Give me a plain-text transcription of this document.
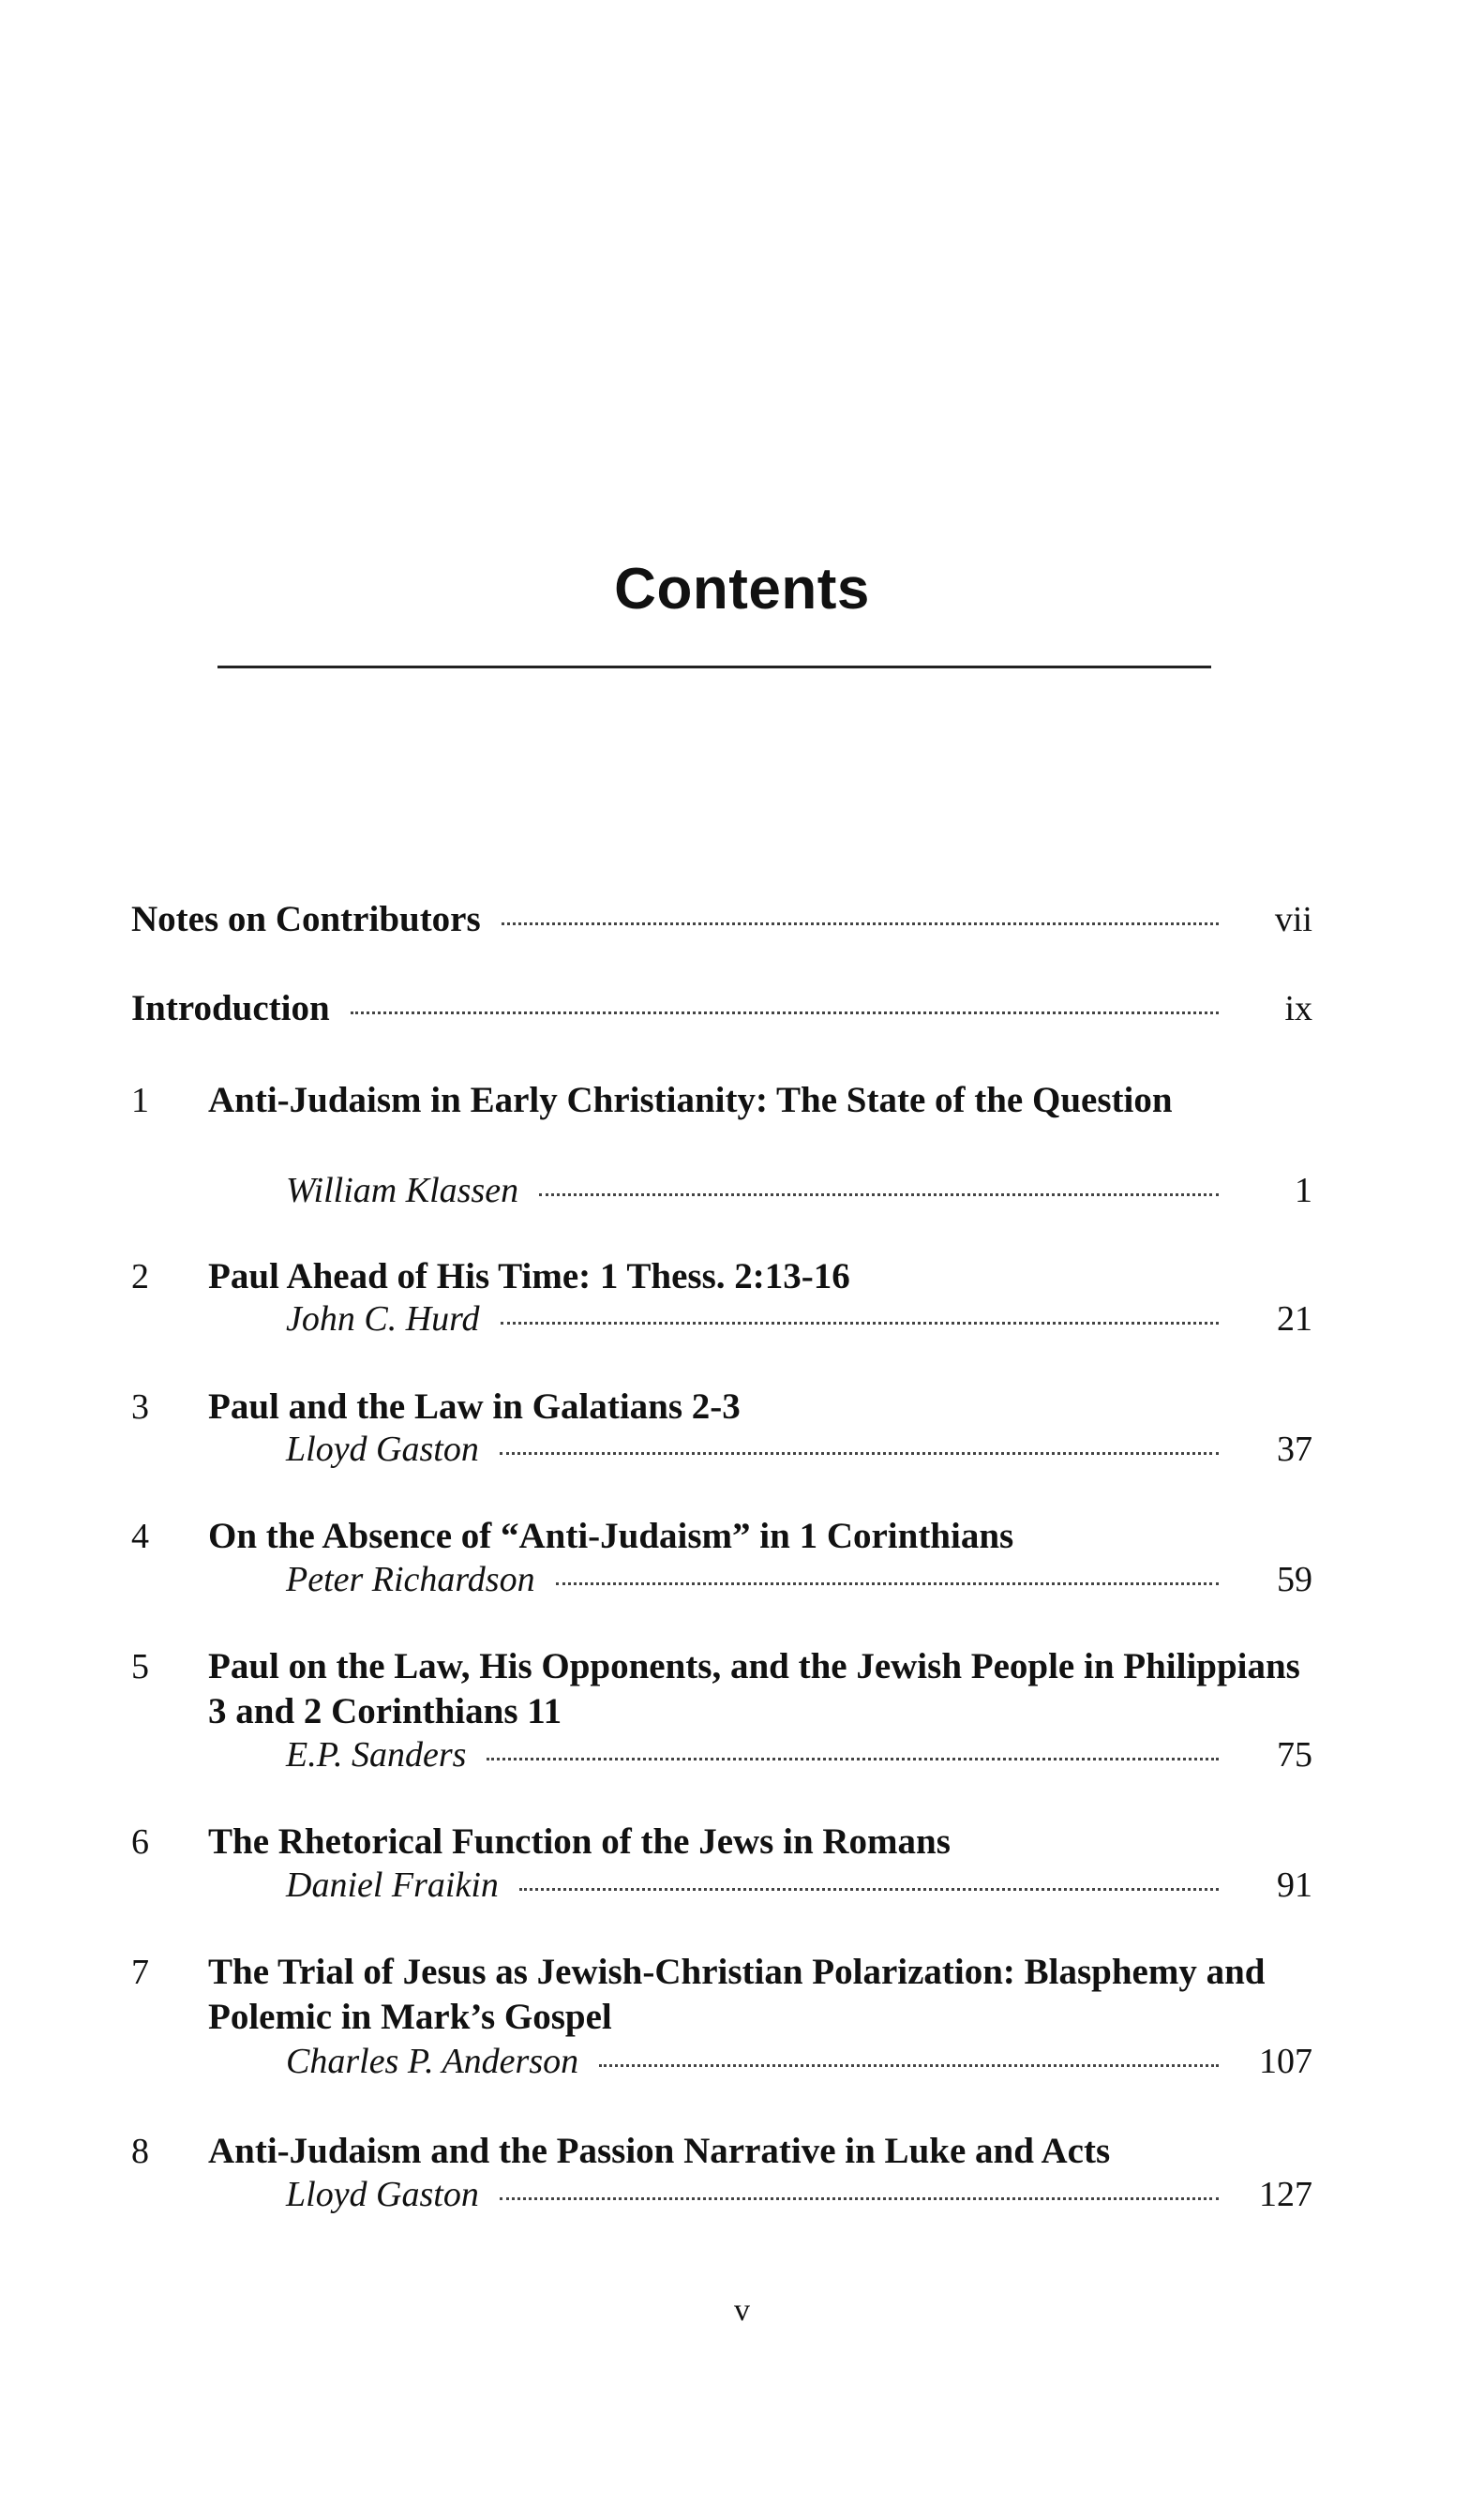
Contents
Notes on Contributors	vii
Introduction	ix
1	Anti-Judaism in Early Christianity: The State of the Question
William Klassen	1
2	Paul Ahead of His Time: 1 Thess. 2:13-16
John C. Hurd	21
3	Paul and the Law in Galatians 2-3
Lloyd Gaston	37
4	On the Absence of “Anti-Judaism” in 1 Corinthians
Peter Richardson	59
5	Paul on the Law, His Opponents, and the Jewish People in Philippians 3 and 2 Corinthians 11
E.P. Sanders	75
6	The Rhetorical Function of the Jews in Romans
Daniel Fraikin	91
7	The Trial of Jesus as Jewish-Christian Polarization: Blasphemy and Polemic in Mark’s Gospel
Charles P. Anderson	107
8	Anti-Judaism and the Passion Narrative in Luke and Acts
Lloyd Gaston	127
v
